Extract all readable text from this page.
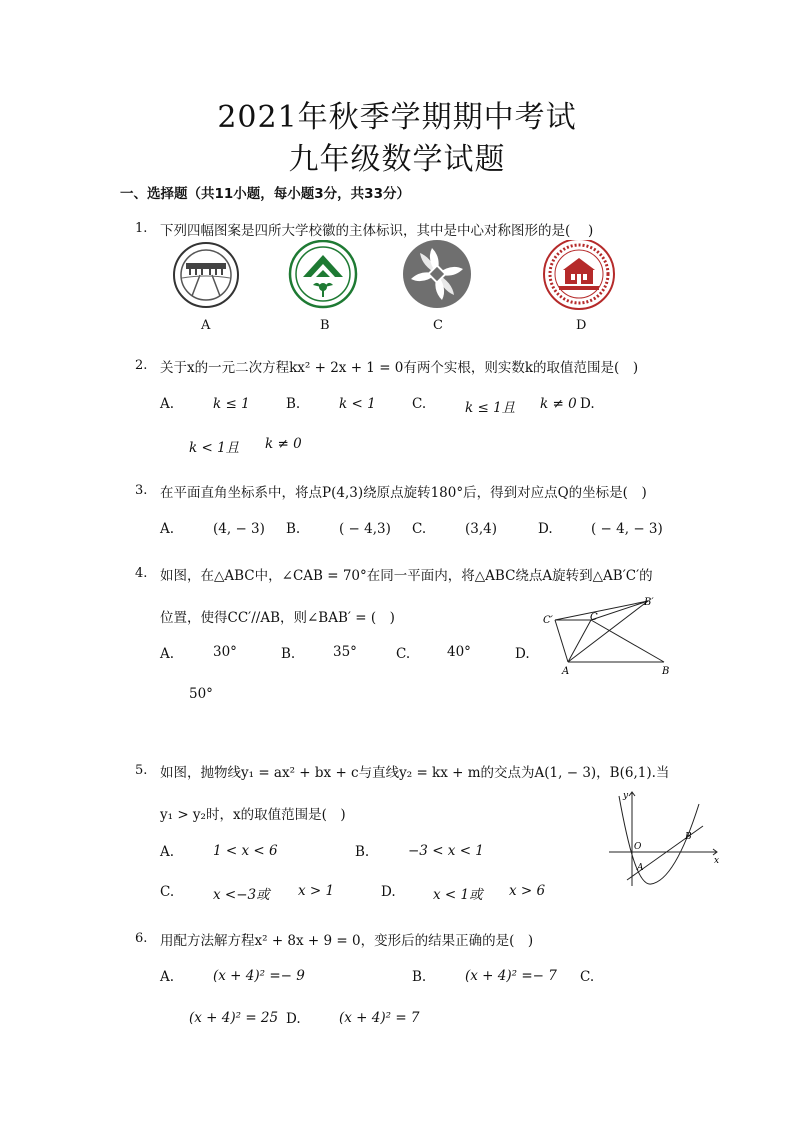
2021年秋季学期期中考试
九年级数学试题
一、选择题（共11小题，每小题3分，共33分）
1. 下列四幅图案是四所大学校徽的主体标识，其中是中心对称图形的是(　 )
A	B	C	D
2. 关于x的一元二次方程kx² + 2x + 1 = 0有两个实根，则实数k的取值范围是(　)
A.	k ≤ 1	B.	k < 1	C.	k ≤ 1且 k ≠ 0 D.
k < 1且 k ≠ 0
3. 在平面直角坐标系中，将点P(4,3)绕原点旋转180°后，得到对应点Q的坐标是(　)
A.	(4, − 3) B.	( − 4,3) C.	(3,4)	D.	( − 4, − 3)
4. 如图，在△ABC中，∠CAB = 70°在同一平面内，将△ABC绕点A旋转到△AB′C′的
位置，使得CC′//AB，则∠BAB′ = (　)
A.	30°	B.	35°	C.	40°	D.
50°
B′
C′	C
A	B
5. 如图，抛物线y₁ = ax² + bx + c与直线y₂ = kx + m的交点为A(1, − 3)，B(6,1).当
y₁ > y₂时，x的取值范围是(　)
A.	1 < x < 6	B.	−3 < x < 1
C.	x <−3或 x > 1	D.	x < 1或 x > 6
y
O
A
B
x
6. 用配方法解方程x² + 8x + 9 = 0，变形后的结果正确的是(　)
A.	(x + 4)² =− 9	B.	(x + 4)² =− 7 C.
(x + 4)² = 25 D.	(x + 4)² = 7
